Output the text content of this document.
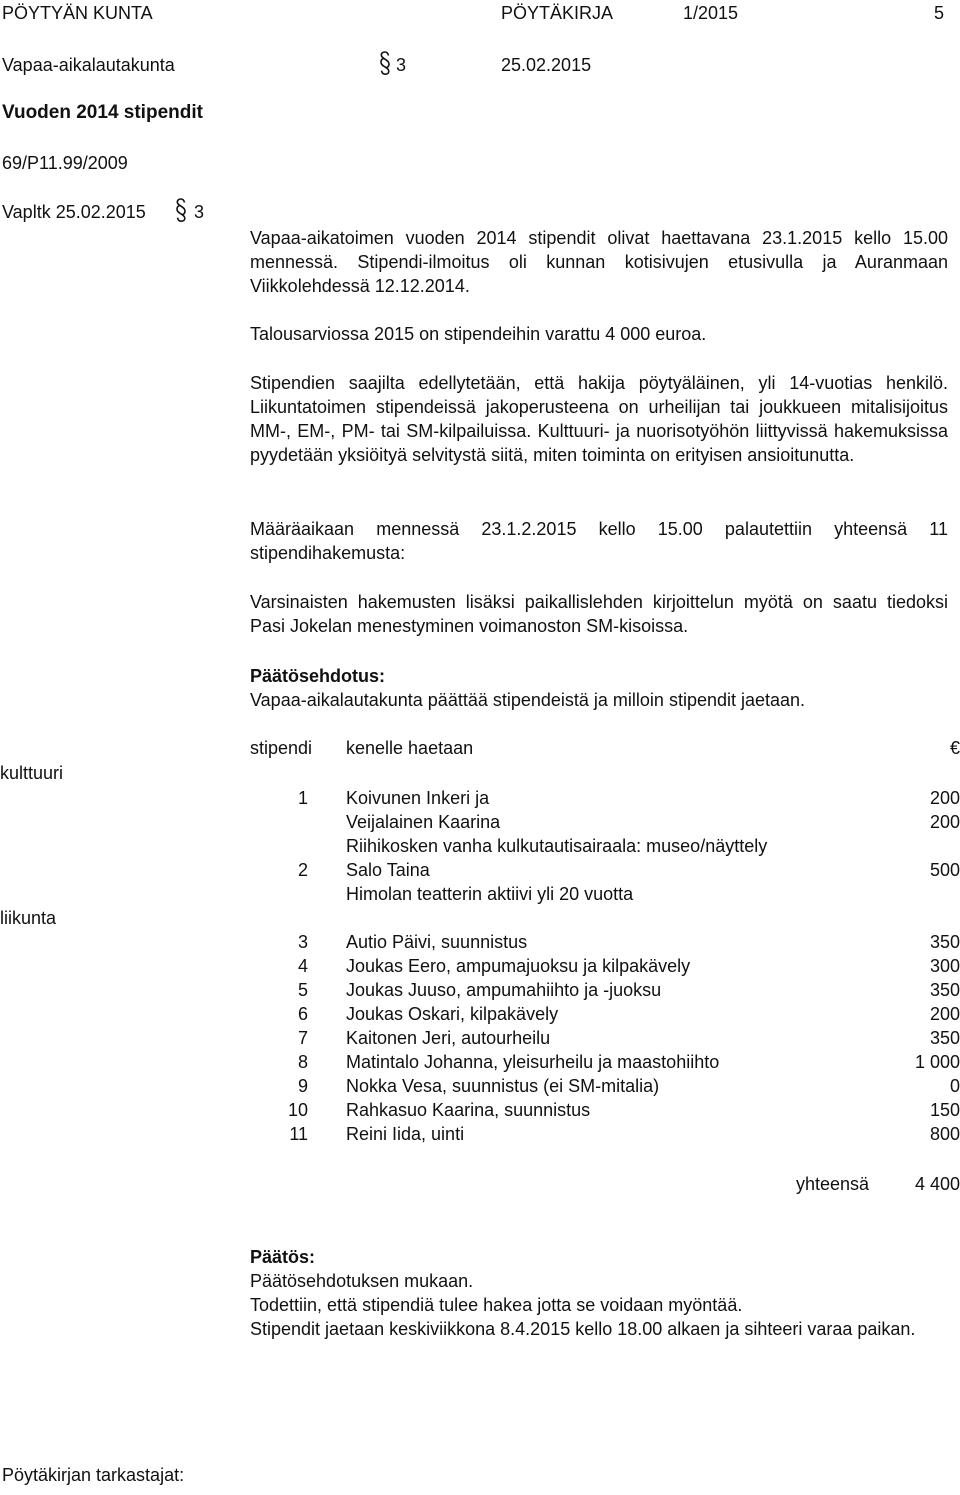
PÖYTYÄN KUNTA	PÖYTÄKIRJA	1/2015	5
Vapaa-aikalautakunta	3	25.02.2015
Vuoden 2014 stipendit
69/P11.99/2009
Vapltk 25.02.2015	3
Vapaa-aikatoimen vuoden 2014 stipendit olivat haettavana 23.1.2015 kello 15.00 mennessä. Stipendi-ilmoitus oli kunnan kotisivujen etusivulla ja Auranmaan Viikkolehdessä 12.12.2014.
Talousarviossa 2015 on stipendeihin varattu 4 000 euroa.
Stipendien saajilta edellytetään, että hakija pöytyäläinen, yli 14-vuotias henkilö. Liikuntatoimen stipendeissä jakoperusteena on urheilijan tai joukkueen mitalisijoitus MM-, EM-, PM- tai SM-kilpailuissa. Kulttuuri- ja nuorisotyöhön liittyvissä hakemuksissa pyydetään yksiöityä selvitystä siitä, miten toiminta on erityisen ansioitunutta.
Määräaikaan mennessä 23.1.2.2015 kello 15.00 palautettiin yhteensä 11 stipendihakemusta:
Varsinaisten hakemusten lisäksi paikallislehden kirjoittelun myötä on saatu tiedoksi Pasi Jokelan menestyminen voimanoston SM-kisoissa.
Päätösehdotus:
Vapaa-aikalautakunta päättää stipendeistä ja milloin stipendit jaetaan.
stipendi kenelle haetaan	€
kulttuuri
1 Koivunen Inkeri ja	200
Veijalainen Kaarina	200
Riihikosken vanha kulkutautisairaala: museo/näyttely
2 Salo Taina	500
Himolan teatterin aktiivi yli 20 vuotta
liikunta
3 Autio Päivi, suunnistus	350
4 Joukas Eero, ampumajuoksu ja kilpakävely	300
5 Joukas Juuso, ampumahiihto ja -juoksu	350
6 Joukas Oskari, kilpakävely	200
7 Kaitonen Jeri, autourheilu	350
8 Matintalo Johanna, yleisurheilu ja maastohiihto	1 000
9 Nokka Vesa, suunnistus (ei SM-mitalia)	0
10 Rahkasuo Kaarina, suunnistus	150
11 Reini Iida, uinti	800
yhteensä	4 400
Päätös:
Päätösehdotuksen mukaan.
Todettiin, että stipendiä tulee hakea jotta se voidaan myöntää.
Stipendit jaetaan keskiviikkona 8.4.2015 kello 18.00 alkaen ja sihteeri varaa paikan.
Pöytäkirjan tarkastajat:
